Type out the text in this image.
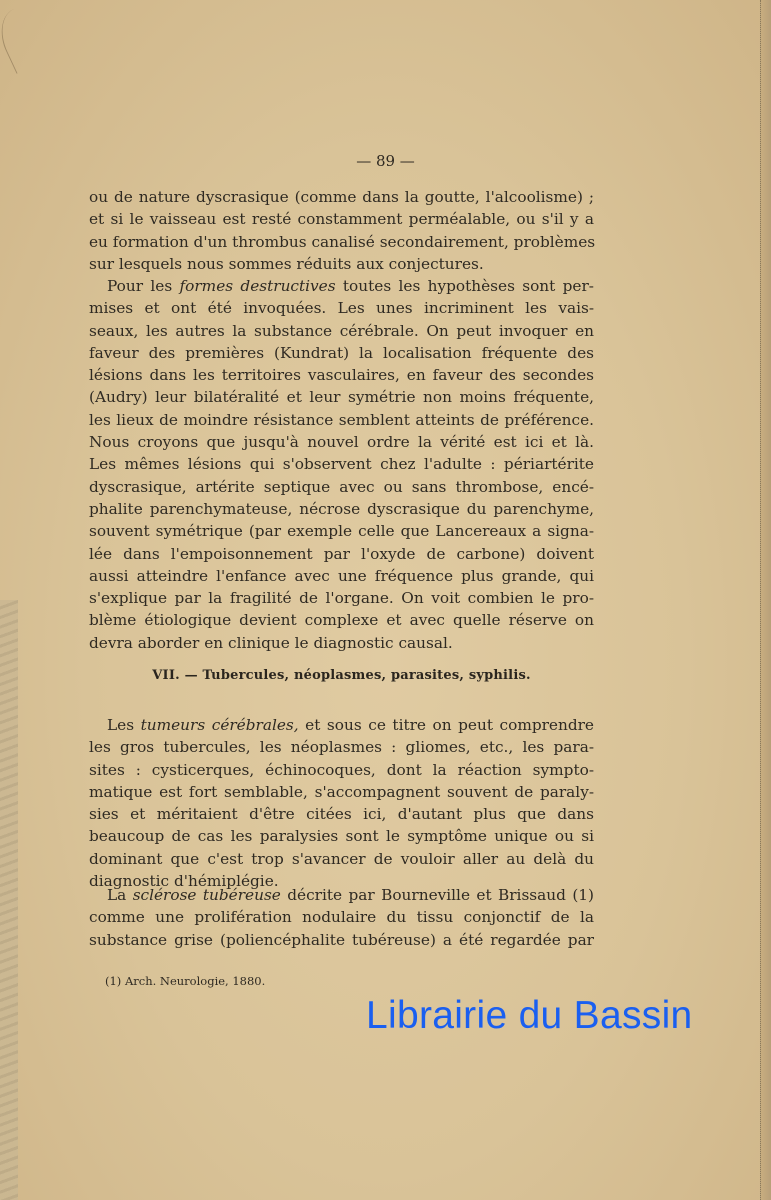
— 89 —
ou de nature dyscrasique (comme dans la goutte, l'alcoolisme) ;
et si le vaisseau est resté constamment perméalable, ou s'il y a
eu formation d'un thrombus canalisé secondairement, problèmes
sur lesquels nous sommes réduits aux conjectures.
Pour les formes destructives toutes les hypothèses sont per-
mises et ont été invoquées. Les unes incriminent les vais-
seaux, les autres la substance cérébrale. On peut invoquer en
faveur des premières (Kundrat) la localisation fréquente des
lésions dans les territoires vasculaires, en faveur des secondes
(Audry) leur bilatéralité et leur symétrie non moins fréquente,
les lieux de moindre résistance semblent atteints de préférence.
Nous croyons que jusqu'à nouvel ordre la vérité est ici et là.
Les mêmes lésions qui s'observent chez l'adulte : périartérite
dyscrasique, artérite septique avec ou sans thrombose, encé-
phalite parenchymateuse, nécrose dyscrasique du parenchyme,
souvent symétrique (par exemple celle que Lancereaux a signa-
lée dans l'empoisonnement par l'oxyde de carbone) doivent
aussi atteindre l'enfance avec une fréquence plus grande, qui
s'explique par la fragilité de l'organe. On voit combien le pro-
blème étiologique devient complexe et avec quelle réserve on
devra aborder en clinique le diagnostic causal.
VII. — Tubercules, néoplasmes, parasites, syphilis.
Les tumeurs cérébrales, et sous ce titre on peut comprendre
les gros tubercules, les néoplasmes : gliomes, etc., les para-
sites : cysticerques, échinocoques, dont la réaction sympto-
matique est fort semblable, s'accompagnent souvent de paraly-
sies et méritaient d'être citées ici, d'autant plus que dans
beaucoup de cas les paralysies sont le symptôme unique ou si
dominant que c'est trop s'avancer de vouloir aller au delà du
diagnostic d'hémiplégie.
La sclérose tubéreuse décrite par Bourneville et Brissaud (1)
comme une prolifération nodulaire du tissu conjonctif de la
substance grise (poliencéphalite tubéreuse) a été regardée par
(1) Arch. Neurologie, 1880.
Librairie du Bassin
